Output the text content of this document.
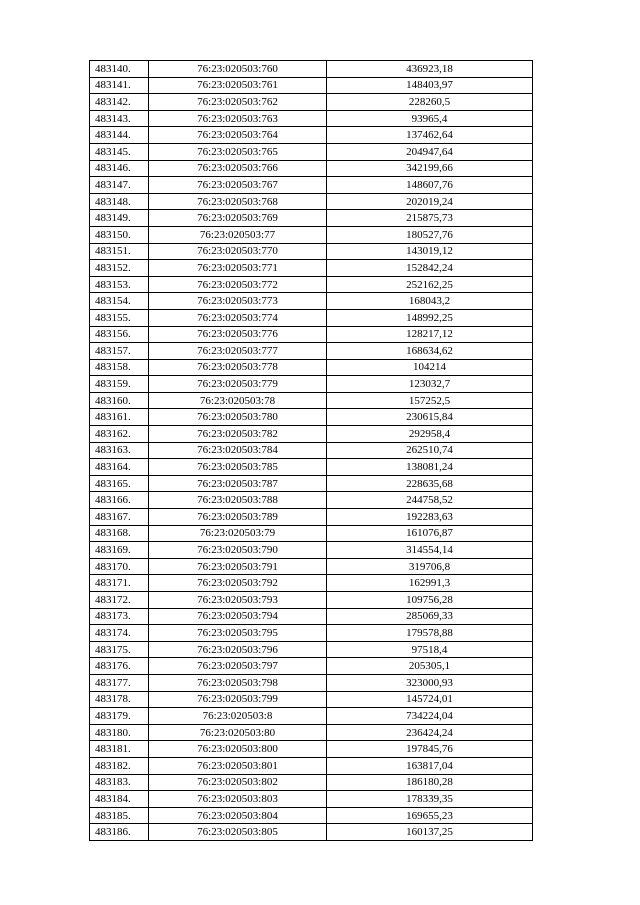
483140.	76:23:020503:760	436923,18
483141.	76:23:020503:761	148403,97
483142.	76:23:020503:762	228260,5
483143.	76:23:020503:763	93965,4
483144.	76:23:020503:764	137462,64
483145.	76:23:020503:765	204947,64
483146.	76:23:020503:766	342199,66
483147.	76:23:020503:767	148607,76
483148.	76:23:020503:768	202019,24
483149.	76:23:020503:769	215875,73
483150.	76:23:020503:77	180527,76
483151.	76:23:020503:770	143019,12
483152.	76:23:020503:771	152842,24
483153.	76:23:020503:772	252162,25
483154.	76:23:020503:773	168043,2
483155.	76:23:020503:774	148992,25
483156.	76:23:020503:776	128217,12
483157.	76:23:020503:777	168634,62
483158.	76:23:020503:778	104214
483159.	76:23:020503:779	123032,7
483160.	76:23:020503:78	157252,5
483161.	76:23:020503:780	230615,84
483162.	76:23:020503:782	292958,4
483163.	76:23:020503:784	262510,74
483164.	76:23:020503:785	138081,24
483165.	76:23:020503:787	228635,68
483166.	76:23:020503:788	244758,52
483167.	76:23:020503:789	192283,63
483168.	76:23:020503:79	161076,87
483169.	76:23:020503:790	314554,14
483170.	76:23:020503:791	319706,8
483171.	76:23:020503:792	162991,3
483172.	76:23:020503:793	109756,28
483173.	76:23:020503:794	285069,33
483174.	76:23:020503:795	179578,88
483175.	76:23:020503:796	97518,4
483176.	76:23:020503:797	205305,1
483177.	76:23:020503:798	323000,93
483178.	76:23:020503:799	145724,01
483179.	76:23:020503:8	734224,04
483180.	76:23:020503:80	236424,24
483181.	76:23:020503:800	197845,76
483182.	76:23:020503:801	163817,04
483183.	76:23:020503:802	186180,28
483184.	76:23:020503:803	178339,35
483185.	76:23:020503:804	169655,23
483186.	76:23:020503:805	160137,25
